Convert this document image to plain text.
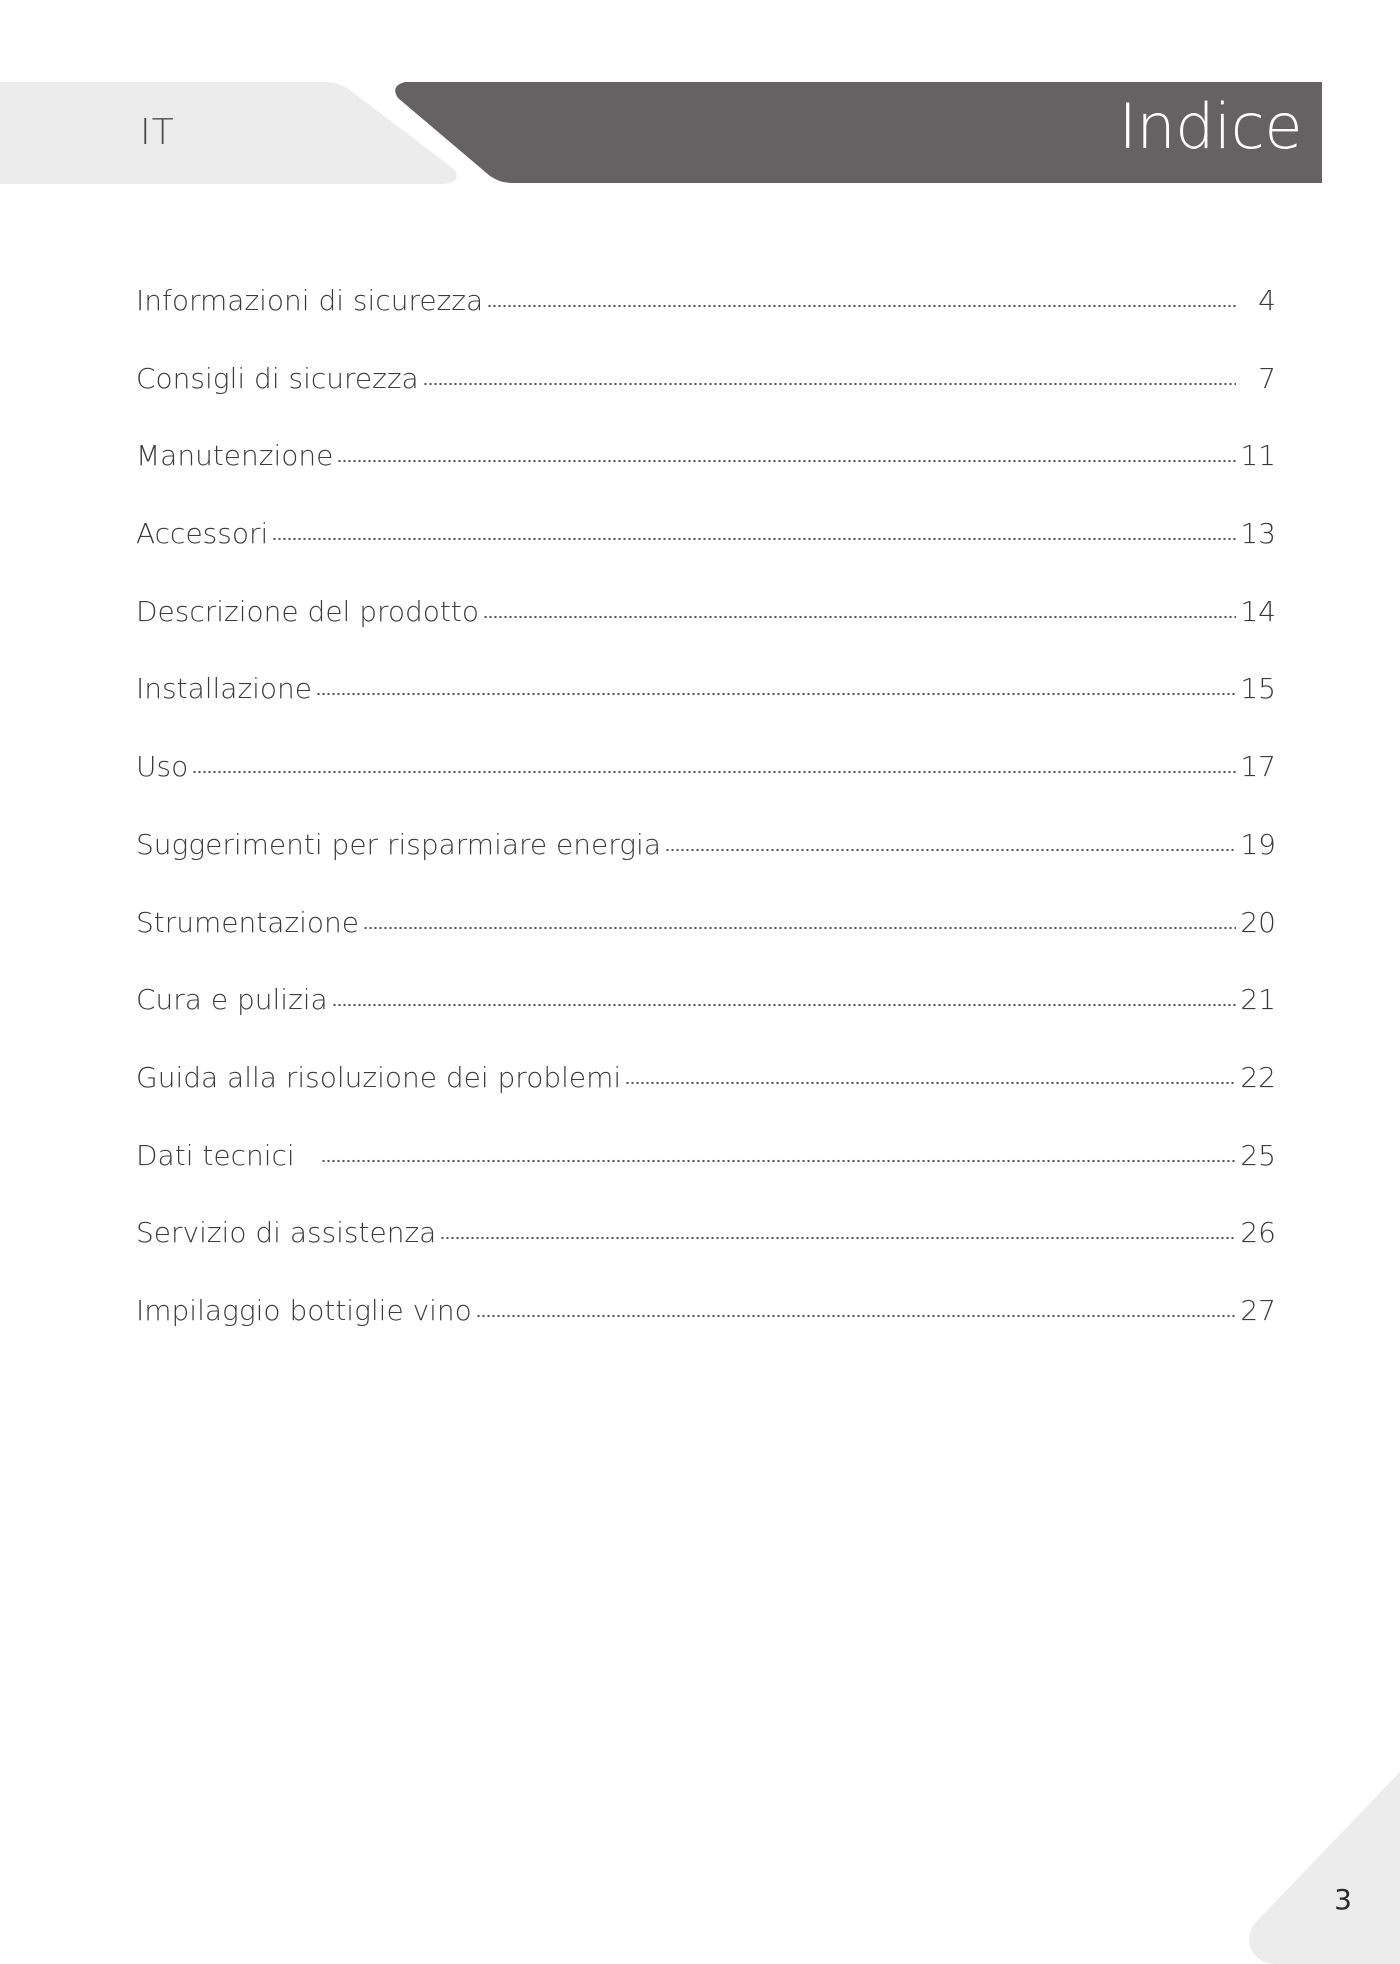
IT	Indice
Informazioni di sicurezza	4
Consigli di sicurezza	7
Manutenzione	11
Accessori	13
Descrizione del prodotto	14
Installazione	15
Uso	17
Suggerimenti per risparmiare energia	19
Strumentazione	20
Cura e pulizia	21
Guida alla risoluzione dei problemi	22
Dati tecnici	25
Servizio di assistenza	26
Impilaggio bottiglie vino	27
3
